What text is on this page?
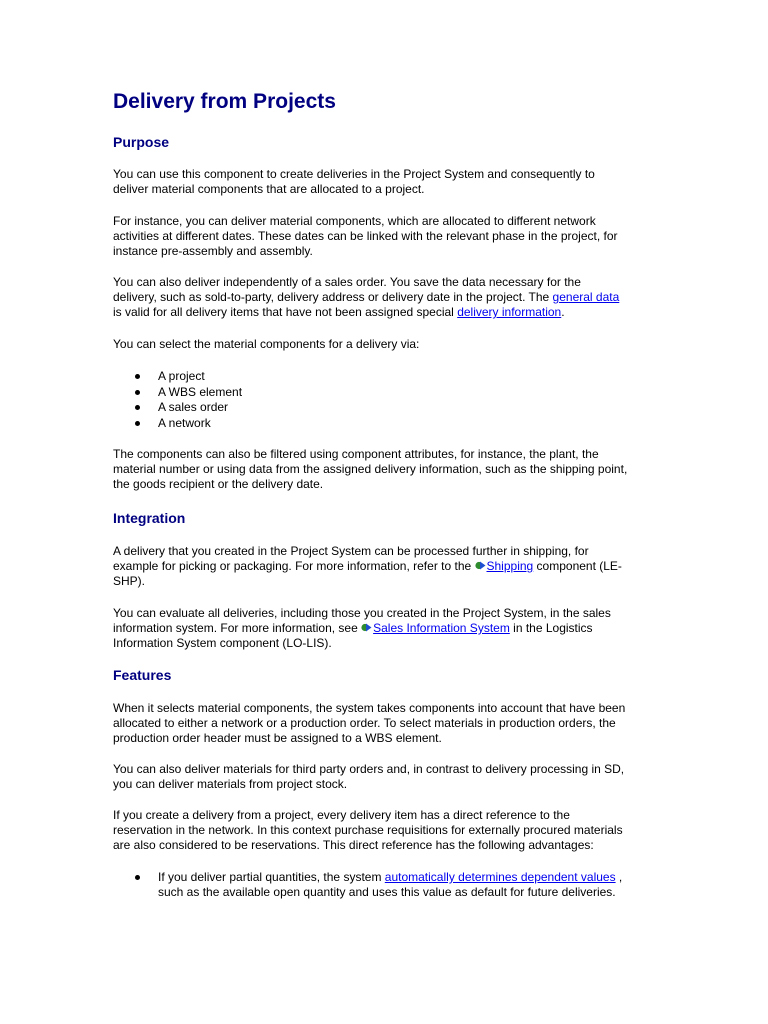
Delivery from Projects
Purpose

You can use this component to create deliveries in the Project System and consequently to
deliver material components that are allocated to a project.

For instance, you can deliver material components, which are allocated to different network
activities at different dates. These dates can be linked with the relevant phase in the project, for
instance pre-assembly and assembly.

You can also deliver independently of a sales order. You save the data necessary for the
delivery, such as sold-to-party, delivery address or delivery date in the project. The general data
is valid for all delivery items that have not been assigned special delivery information.

You can select the material components for a delivery via:

A project
A WBS element
A sales order
A network

The components can also be filtered using component attributes, for instance, the plant, the
material number or using data from the assigned delivery information, such as the shipping point,
the goods recipient or the delivery date.

Integration

A delivery that you created in the Project System can be processed further in shipping, for
example for picking or packaging. For more information, refer to the Shipping component (LE-
SHP).

You can evaluate all deliveries, including those you created in the Project System, in the sales
information system. For more information, see Sales Information System in the Logistics
Information System component (LO-LIS).

Features

When it selects material components, the system takes components into account that have been
allocated to either a network or a production order. To select materials in production orders, the
production order header must be assigned to a WBS element.

You can also deliver materials for third party orders and, in contrast to delivery processing in SD,
you can deliver materials from project stock.

If you create a delivery from a project, every delivery item has a direct reference to the
reservation in the network. In this context purchase requisitions for externally procured materials
are also considered to be reservations. This direct reference has the following advantages:

If you deliver partial quantities, the system automatically determines dependent values ,
such as the available open quantity and uses this value as default for future deliveries.
